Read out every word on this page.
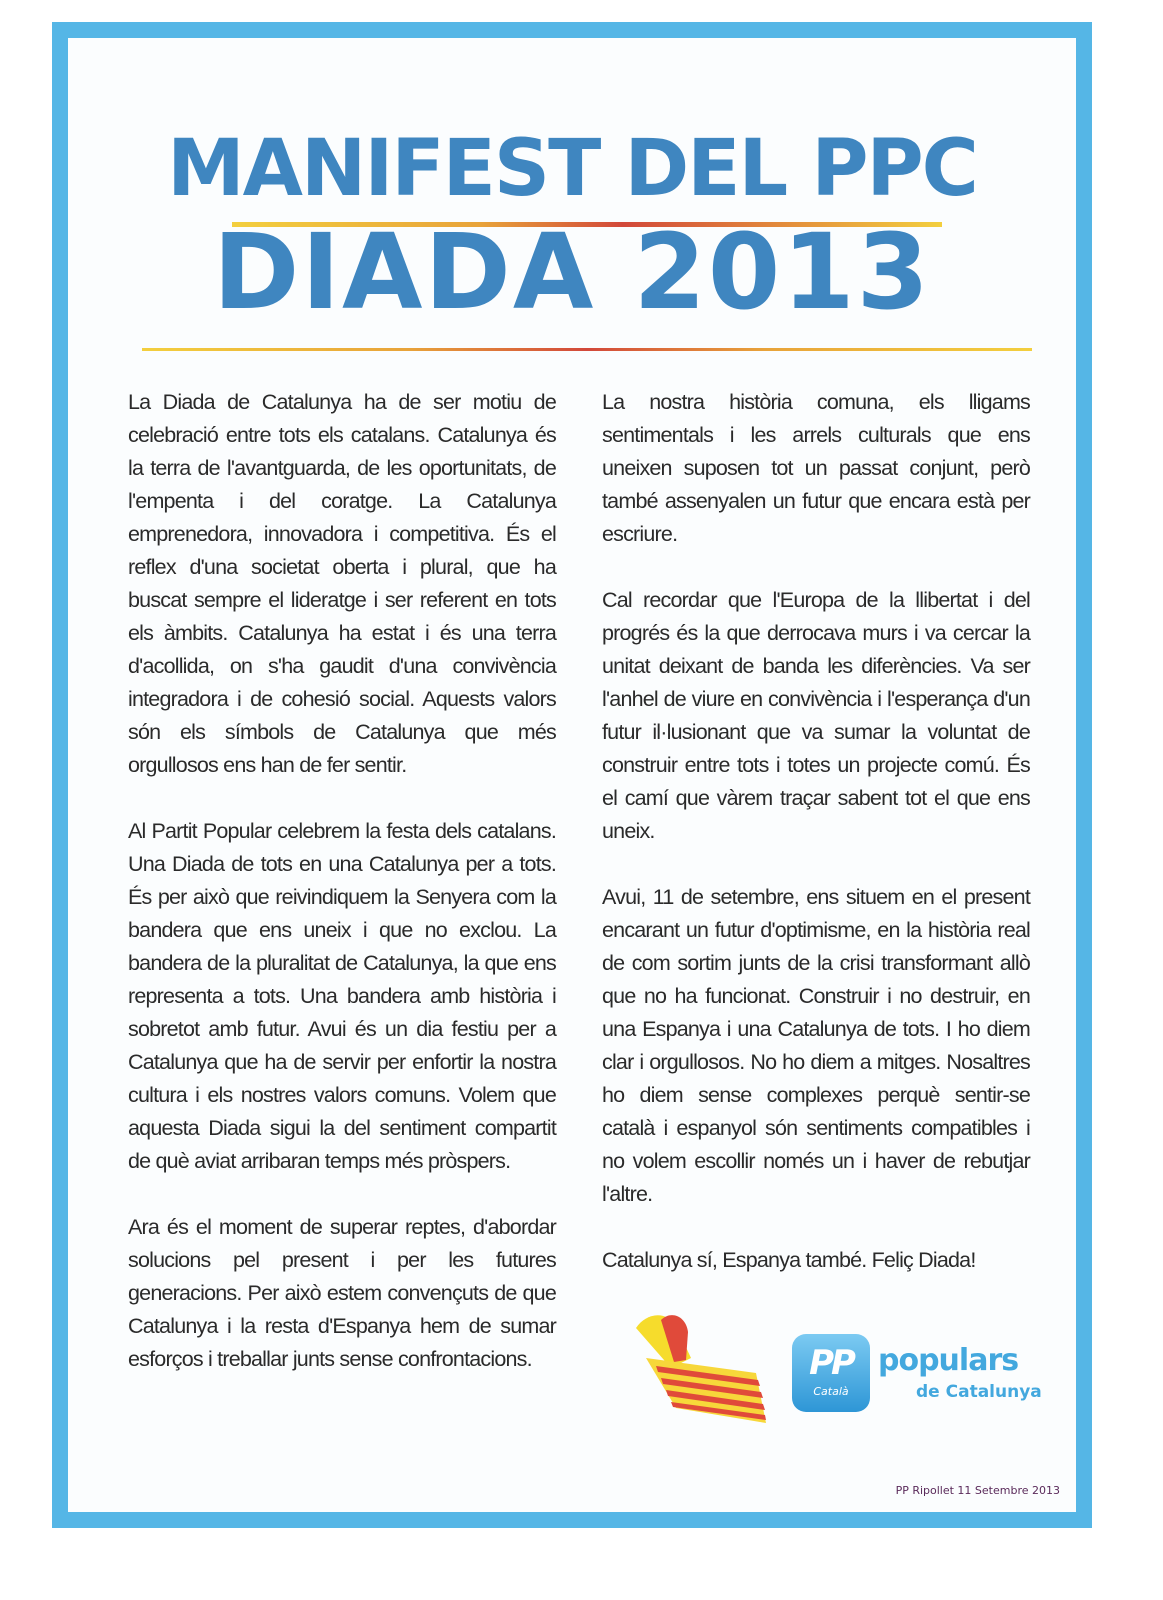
MANIFEST DEL PPC
DIADA 2013

La Diada de Catalunya ha de ser motiu de celebració entre tots els catalans. Catalunya és la terra de l'avantguarda, de les oportunitats, de l'empenta i del coratge. La Catalunya emprenedora, innovadora i competitiva. És el reflex d'una societat oberta i plural, que ha buscat sempre el lideratge i ser referent en tots els àmbits. Catalunya ha estat i és una terra d'acollida, on s'ha gaudit d'una convivència integradora i de cohesió social. Aquests valors són els símbols de Catalunya que més orgullosos ens han de fer sentir.

Al Partit Popular celebrem la festa dels catalans. Una Diada de tots en una Catalunya per a tots. És per això que reivindiquem la Senyera com la bandera que ens uneix i que no exclou. La bandera de la pluralitat de Catalunya, la que ens representa a tots. Una bandera amb història i sobretot amb futur. Avui és un dia festiu per a Catalunya que ha de servir per enfortir la nostra cultura i els nostres valors comuns. Volem que aquesta Diada sigui la del sentiment compartit de què aviat arribaran temps més pròspers.

Ara és el moment de superar reptes, d'abordar solucions pel present i per les futures generacions. Per això estem convençuts de que Catalunya i la resta d'Espanya hem de sumar esforços i treballar junts sense confrontacions.

La nostra història comuna, els lligams sentimentals i les arrels culturals que ens uneixen suposen tot un passat conjunt, però també assenyalen un futur que encara està per escriure.

Cal recordar que l'Europa de la llibertat i del progrés és la que derrocava murs i va cercar la unitat deixant de banda les diferències. Va ser l'anhel de viure en convivència i l'esperança d'un futur il·lusionant que va sumar la voluntat de construir entre tots i totes un projecte comú. És el camí que vàrem traçar sabent tot el que ens uneix.

Avui, 11 de setembre, ens situem en el present encarant un futur d'optimisme, en la història real de com sortim junts de la crisi transformant allò que no ha funcionat. Construir i no destruir, en una Espanya i una Catalunya de tots. I ho diem clar i orgullosos. No ho diem a mitges. Nosaltres ho diem sense complexes perquè sentir-se català i espanyol són sentiments compatibles i no volem escollir només un i haver de rebutjar l'altre.

Catalunya sí, Espanya també. Feliç Diada!

PP
Català
populars
de Catalunya
PP Ripollet 11 Setembre 2013
